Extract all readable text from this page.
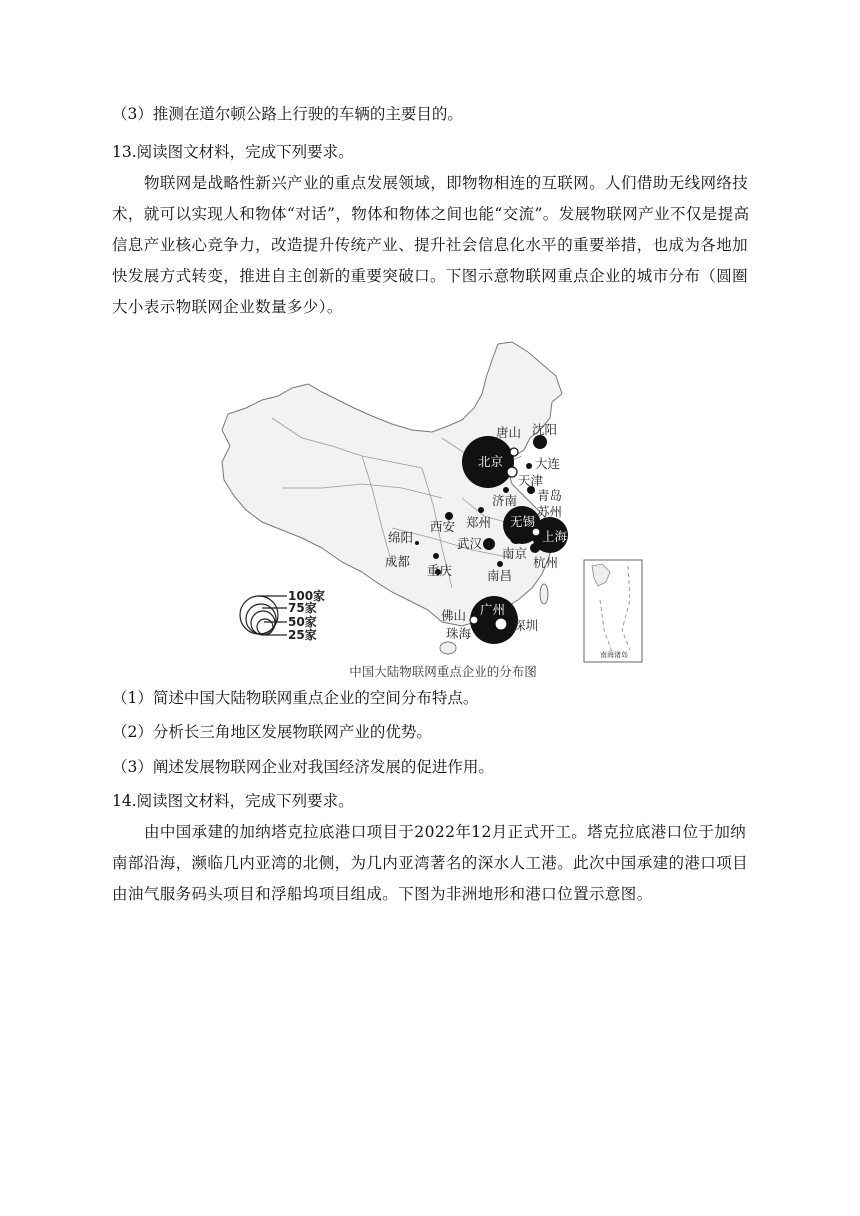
（3）推测在道尔顿公路上行驶的车辆的主要目的。
13.阅读图文材料，完成下列要求。
物联网是战略性新兴产业的重点发展领域，即物物相连的互联网。人们借助无线网络技术，就可以实现人和物体“对话”，物体和物体之间也能“交流”。发展物联网产业不仅是提高信息产业核心竞争力，改造提升传统产业、提升社会信息化水平的重要举措，也成为各地加快发展方式转变，推进自主创新的重要突破口。下图示意物联网重点企业的城市分布（圆圈大小表示物联网企业数量多少）。
南海诸岛
唐山 沈阳
北京	大连
天津
济南 青岛
苏州
无锡
上海
西安 郑州
绵阳
成都
武汉
南京
杭州
重庆	南昌
广州
佛山
珠海
深圳
100家
75家
50家
25家
中国大陆物联网重点企业的分布图
（1）简述中国大陆物联网重点企业的空间分布特点。
（2）分析长三角地区发展物联网产业的优势。
（3）阐述发展物联网企业对我国经济发展的促进作用。
14.阅读图文材料，完成下列要求。
由中国承建的加纳塔克拉底港口项目于2022年12月正式开工。塔克拉底港口位于加纳南部沿海，濒临几内亚湾的北侧，为几内亚湾著名的深水人工港。此次中国承建的港口项目由油气服务码头项目和浮船坞项目组成。下图为非洲地形和港口位置示意图。
